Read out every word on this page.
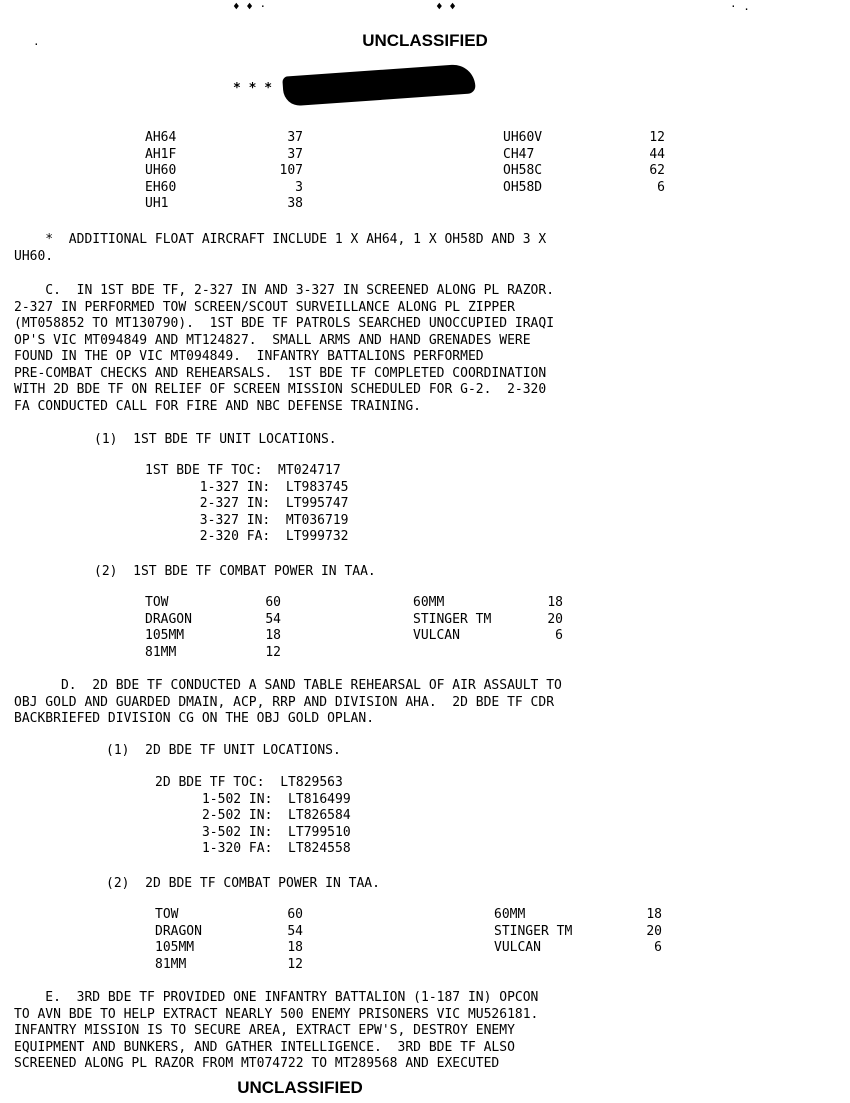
♦ ♦ ·	♦ ♦	· .
·	UNCLASSIFIED
* * *
AH64	37
AH1F	37
UH60	107
EH60	3
UH1	38
UH60V	12
CH47	44
OH58C	62
OH58D	6
*  ADDITIONAL FLOAT AIRCRAFT INCLUDE 1 X AH64, 1 X OH58D AND 3 X
UH60.
C.  IN 1ST BDE TF, 2-327 IN AND 3-327 IN SCREENED ALONG PL RAZOR.
2-327 IN PERFORMED TOW SCREEN/SCOUT SURVEILLANCE ALONG PL ZIPPER
(MT058852 TO MT130790).  1ST BDE TF PATROLS SEARCHED UNOCCUPIED IRAQI
OP'S VIC MT094849 AND MT124827.  SMALL ARMS AND HAND GRENADES WERE
FOUND IN THE OP VIC MT094849.  INFANTRY BATTALIONS PERFORMED
PRE-COMBAT CHECKS AND REHEARSALS.  1ST BDE TF COMPLETED COORDINATION
WITH 2D BDE TF ON RELIEF OF SCREEN MISSION SCHEDULED FOR G-2.  2-320
FA CONDUCTED CALL FOR FIRE AND NBC DEFENSE TRAINING.
(1)  1ST BDE TF UNIT LOCATIONS.
1ST BDE TF TOC:  MT024717
1-327 IN:  LT983745
2-327 IN:  LT995747
3-327 IN:  MT036719
2-320 FA:  LT999732
(2)  1ST BDE TF COMBAT POWER IN TAA.
TOW	60
DRAGON	54
105MM	18
81MM	12
60MM	18
STINGER TM	20
VULCAN	6
D.  2D BDE TF CONDUCTED A SAND TABLE REHEARSAL OF AIR ASSAULT TO
OBJ GOLD AND GUARDED DMAIN, ACP, RRP AND DIVISION AHA.  2D BDE TF CDR
BACKBRIEFED DIVISION CG ON THE OBJ GOLD OPLAN.
(1)  2D BDE TF UNIT LOCATIONS.
2D BDE TF TOC:  LT829563
1-502 IN:  LT816499
2-502 IN:  LT826584
3-502 IN:  LT799510
1-320 FA:  LT824558
(2)  2D BDE TF COMBAT POWER IN TAA.
TOW	60
DRAGON	54
105MM	18
81MM	12
60MM	18
STINGER TM	20
VULCAN	6
E.  3RD BDE TF PROVIDED ONE INFANTRY BATTALION (1-187 IN) OPCON
TO AVN BDE TO HELP EXTRACT NEARLY 500 ENEMY PRISONERS VIC MU526181.
INFANTRY MISSION IS TO SECURE AREA, EXTRACT EPW'S, DESTROY ENEMY
EQUIPMENT AND BUNKERS, AND GATHER INTELLIGENCE.  3RD BDE TF ALSO
SCREENED ALONG PL RAZOR FROM MT074722 TO MT289568 AND EXECUTED
UNCLASSIFIED
